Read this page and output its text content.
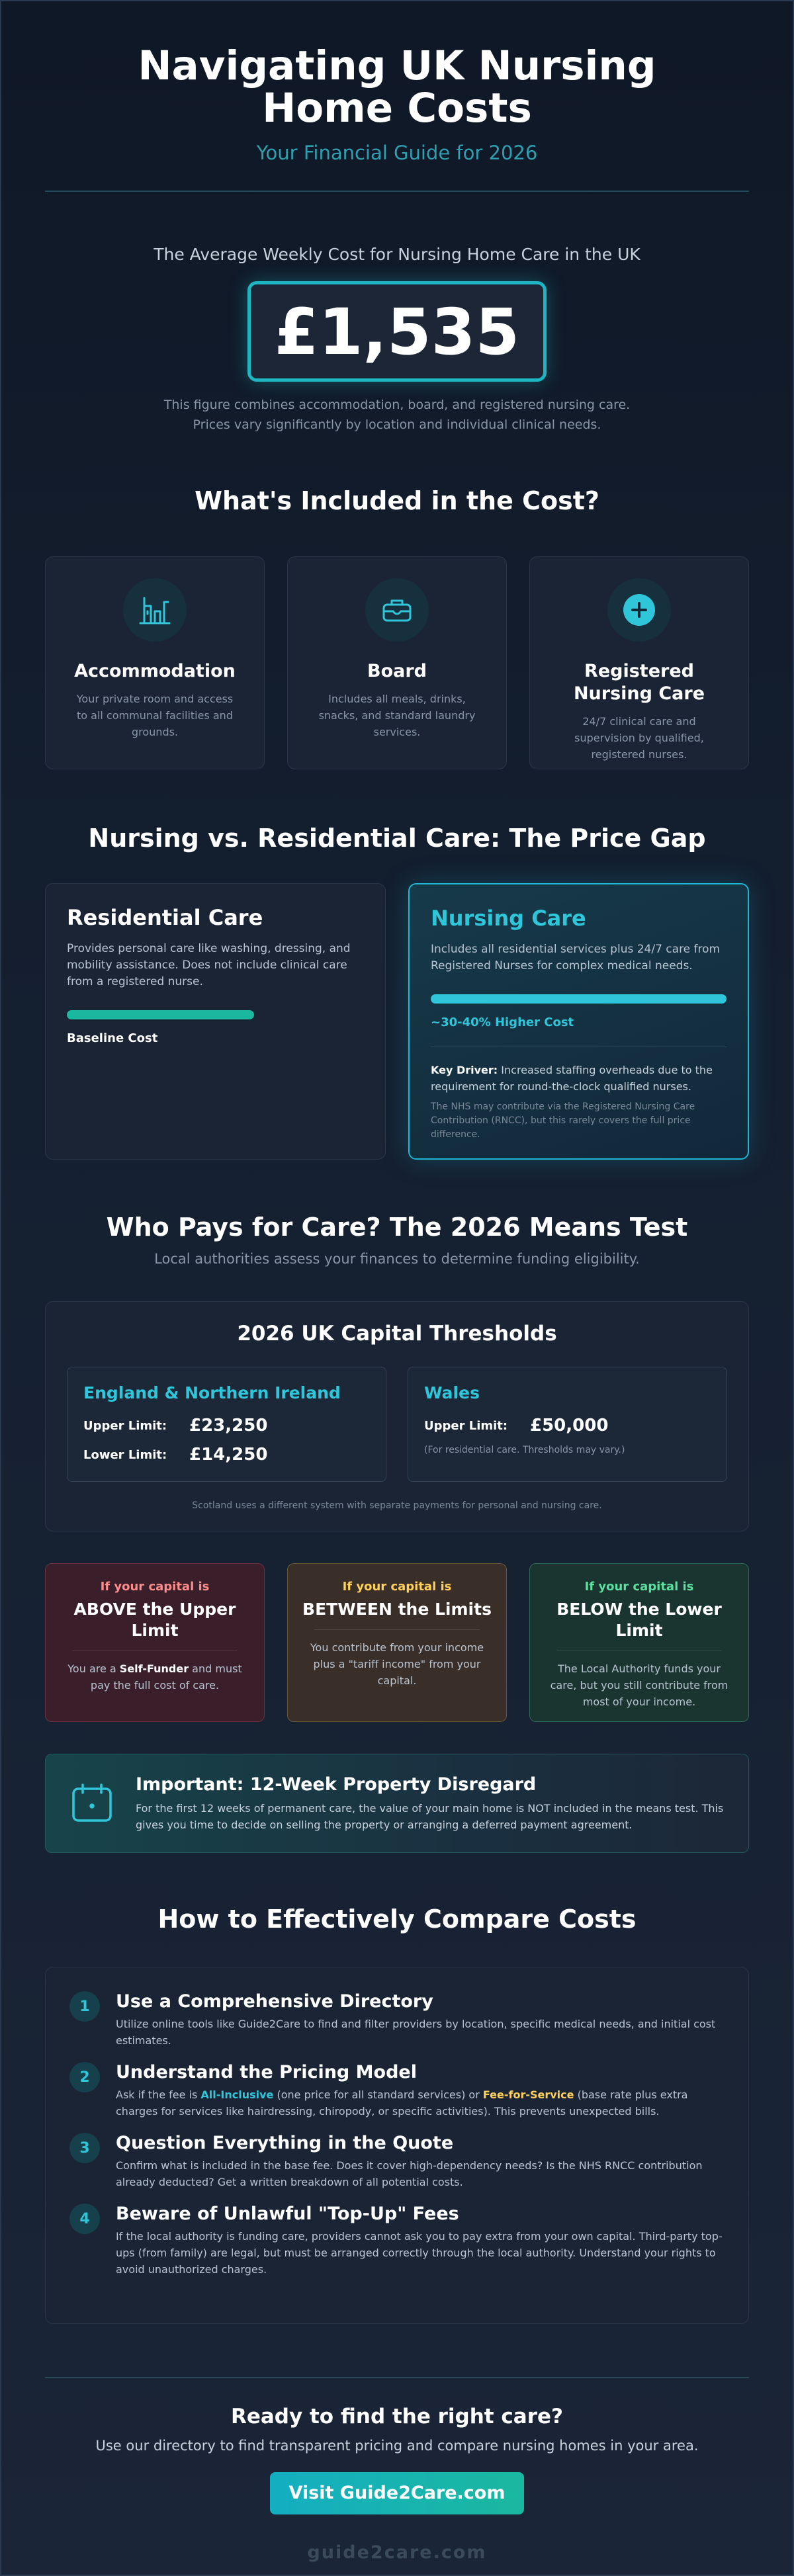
Navigating UK Nursing Home Costs
Your Financial Guide for 2026
The Average Weekly Cost for Nursing Home Care in the UK
£1,535
This figure combines accommodation, board, and registered nursing care. Prices vary significantly by location and individual clinical needs.
What's Included in the Cost?
Accommodation
Your private room and access to all communal facilities and grounds.
Board
Includes all meals, drinks, snacks, and standard laundry services.
Registered Nursing Care
24/7 clinical care and supervision by qualified, registered nurses.
Nursing vs. Residential Care: The Price Gap
Residential Care
Provides personal care like washing, dressing, and mobility assistance. Does not include clinical care from a registered nurse.
Baseline Cost
Nursing Care
Includes all residential services plus 24/7 care from Registered Nurses for complex medical needs.
~30-40% Higher Cost
Key Driver: Increased staffing overheads due to the requirement for round-the-clock qualified nurses.
The NHS may contribute via the Registered Nursing Care Contribution (RNCC), but this rarely covers the full price difference.
Who Pays for Care? The 2026 Means Test
Local authorities assess your finances to determine funding eligibility.
2026 UK Capital Thresholds
England & Northern Ireland
Upper Limit:	£23,250
Lower Limit:	£14,250
Wales
Upper Limit:	£50,000
(For residential care. Thresholds may vary.)
Scotland uses a different system with separate payments for personal and nursing care.
If your capital is
ABOVE the Upper Limit
You are a Self-Funder and must pay the full cost of care.
If your capital is
BETWEEN the Limits
You contribute from your income plus a "tariff income" from your capital.
If your capital is
BELOW the Lower Limit
The Local Authority funds your care, but you still contribute from most of your income.
Important: 12-Week Property Disregard
For the first 12 weeks of permanent care, the value of your main home is NOT included in the means test. This gives you time to decide on selling the property or arranging a deferred payment agreement.
How to Effectively Compare Costs
1	Use a Comprehensive Directory
Utilize online tools like Guide2Care to find and filter providers by location, specific medical needs, and initial cost estimates.
2	Understand the Pricing Model
Ask if the fee is All-Inclusive (one price for all standard services) or Fee-for-Service (base rate plus extra charges for services like hairdressing, chiropody, or specific activities). This prevents unexpected bills.
3	Question Everything in the Quote
Confirm what is included in the base fee. Does it cover high-dependency needs? Is the NHS RNCC contribution already deducted? Get a written breakdown of all potential costs.
4	Beware of Unlawful "Top-Up" Fees
If the local authority is funding care, providers cannot ask you to pay extra from your own capital. Third-party top-ups (from family) are legal, but must be arranged correctly through the local authority. Understand your rights to avoid unauthorized charges.
Ready to find the right care?
Use our directory to find transparent pricing and compare nursing homes in your area.
Visit Guide2Care.com
guide2care.com
